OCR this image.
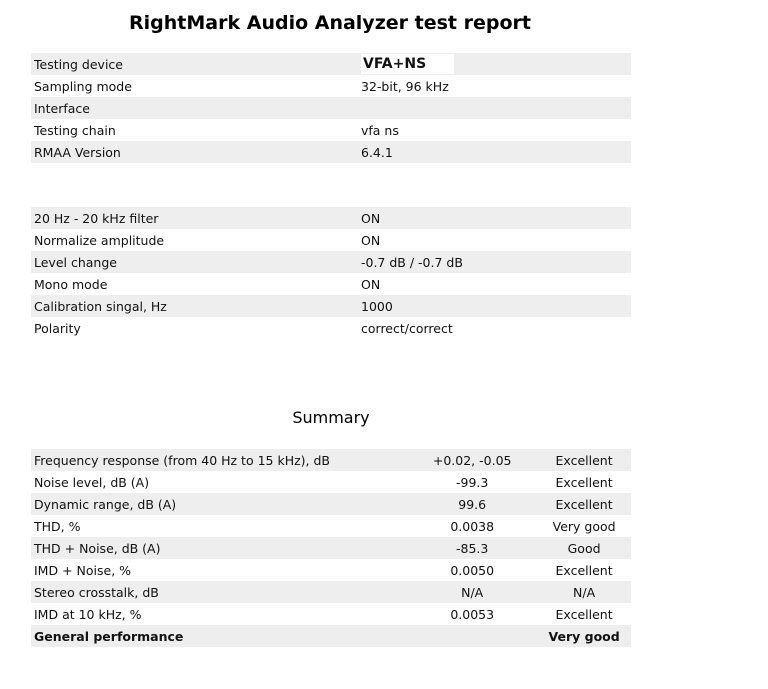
RightMark Audio Analyzer test report
Testing device	VFA+NS
Sampling mode	32-bit, 96 kHz
Interface	
Testing chain	vfa ns
RMAA Version	6.4.1
20 Hz - 20 kHz filter	ON
Normalize amplitude	ON
Level change	-0.7 dB / -0.7 dB
Mono mode	ON
Calibration singal, Hz	1000
Polarity	correct/correct
Summary
Frequency response (from 40 Hz to 15 kHz), dB	+0.02, -0.05	Excellent
Noise level, dB (A)	-99.3	Excellent
Dynamic range, dB (A)	99.6	Excellent
THD, %	0.0038	Very good
THD + Noise, dB (A)	-85.3	Good
IMD + Noise, %	0.0050	Excellent
Stereo crosstalk, dB	N/A	N/A
IMD at 10 kHz, %	0.0053	Excellent
General performance		Very good
